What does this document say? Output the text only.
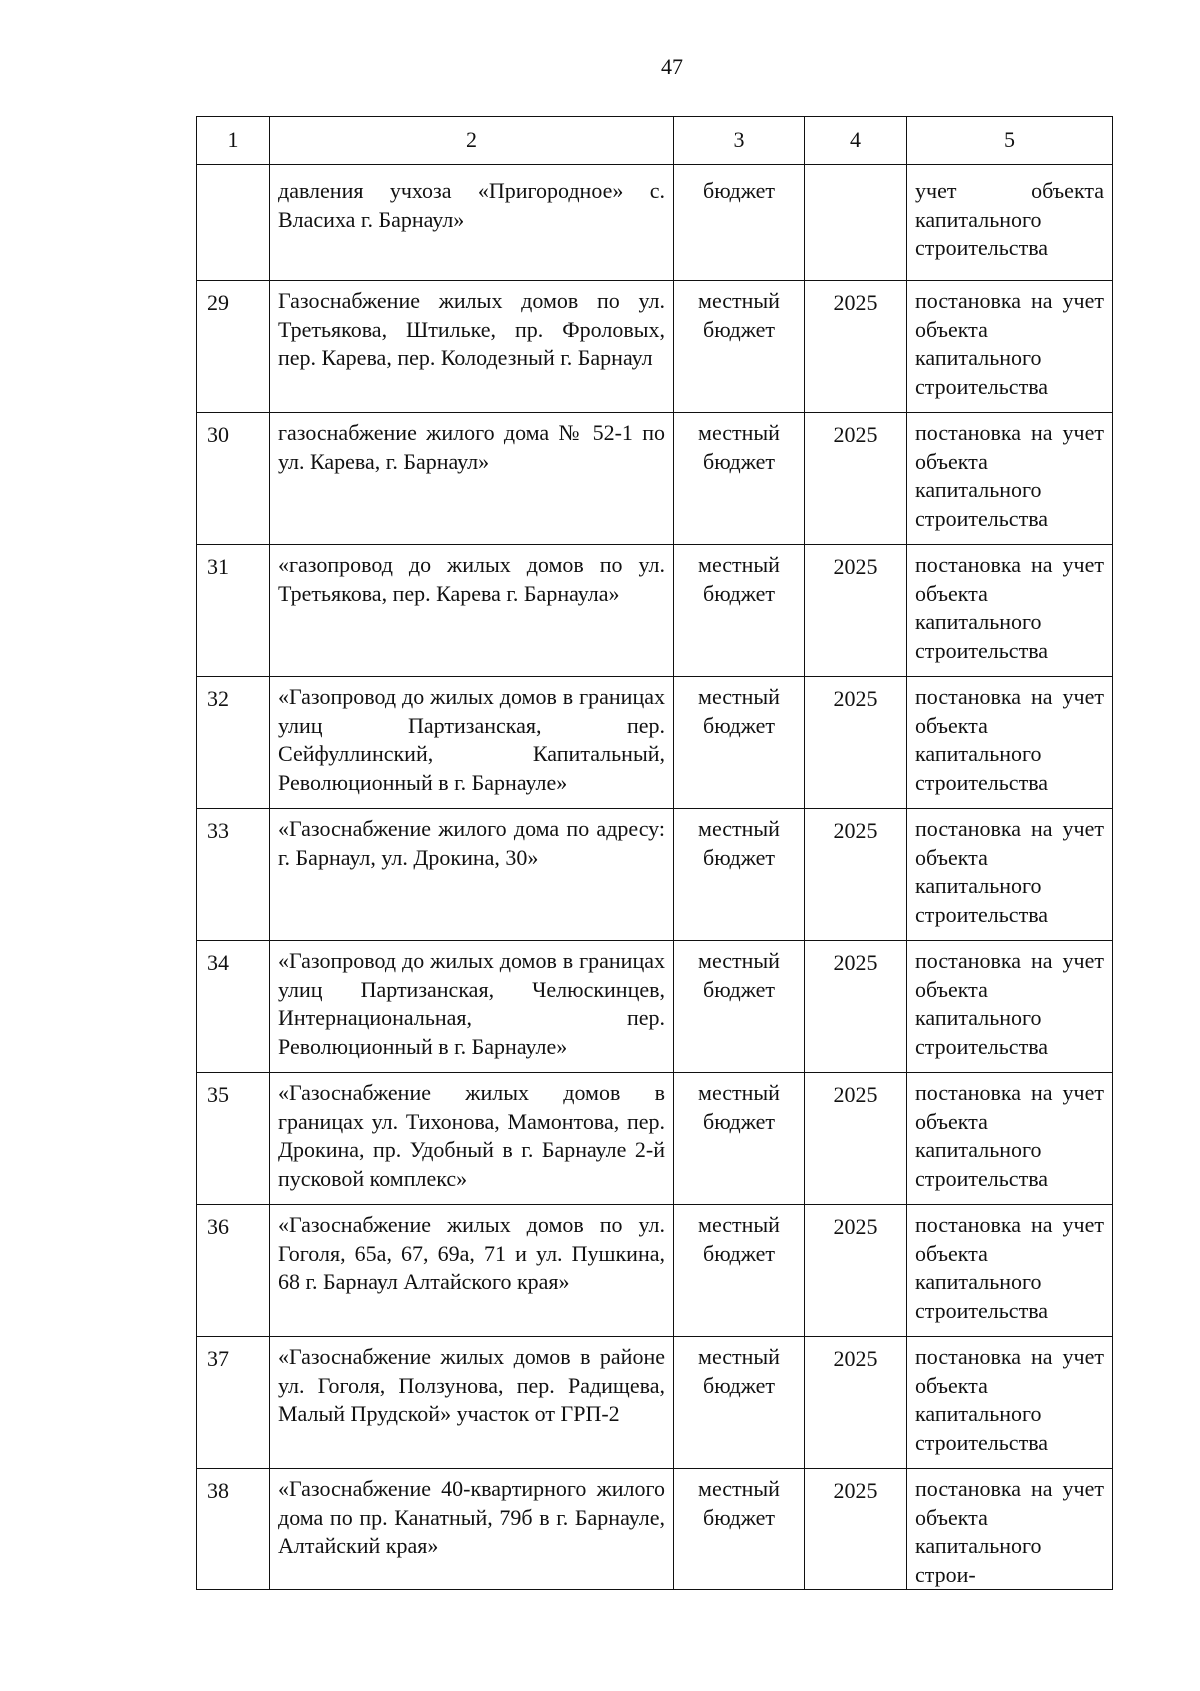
47
1	2	3	4	5
	давления учхоза «Пригородное» с. Власиха г. Барнаул»	бюджет		учет объекта капитального строительства
29	Газоснабжение жилых домов по ул. Третьякова, Штильке, пр. Фроловых, пер. Карева, пер. Колодезный г. Барнаул	местный бюджет	2025	постановка на учет объекта капитального строительства
30	газоснабжение жилого дома № 52-1 по ул. Карева, г. Барнаул»	местный бюджет	2025	постановка на учет объекта капитального строительства
31	«газопровод до жилых домов по ул. Третьякова, пер. Карева г. Барнаула»	местный бюджет	2025	постановка на учет объекта капитального строительства
32	«Газопровод до жилых домов в границах улиц Партизанская, пер. Сейфуллинский, Капитальный, Революционный в г. Барнауле»	местный бюджет	2025	постановка на учет объекта капитального строительства
33	«Газоснабжение жилого дома по адресу: г. Барнаул, ул. Дрокина, 30»	местный бюджет	2025	постановка на учет объекта капитального строительства
34	«Газопровод до жилых домов в границах улиц Партизанская, Челюскинцев, Интернациональная, пер. Революционный в г. Барнауле»	местный бюджет	2025	постановка на учет объекта капитального строительства
35	«Газоснабжение жилых домов в границах ул. Тихонова, Мамонтова, пер. Дрокина, пр. Удобный в г. Барнауле 2-й пусковой комплекс»	местный бюджет	2025	постановка на учет объекта капитального строительства
36	«Газоснабжение жилых домов по ул. Гоголя, 65а, 67, 69а, 71 и ул. Пушкина, 68 г. Барнаул Алтайского края»	местный бюджет	2025	постановка на учет объекта капитального строительства
37	«Газоснабжение жилых домов в районе ул. Гоголя, Ползунова, пер. Радищева, Малый Прудской» участок от ГРП-2	местный бюджет	2025	постановка на учет объекта капитального строительства
38	«Газоснабжение 40-квартирного жилого дома по пр. Канатный, 79б в г. Барнауле, Алтайский края»	местный бюджет	2025	постановка на учет объекта капитального строи-
